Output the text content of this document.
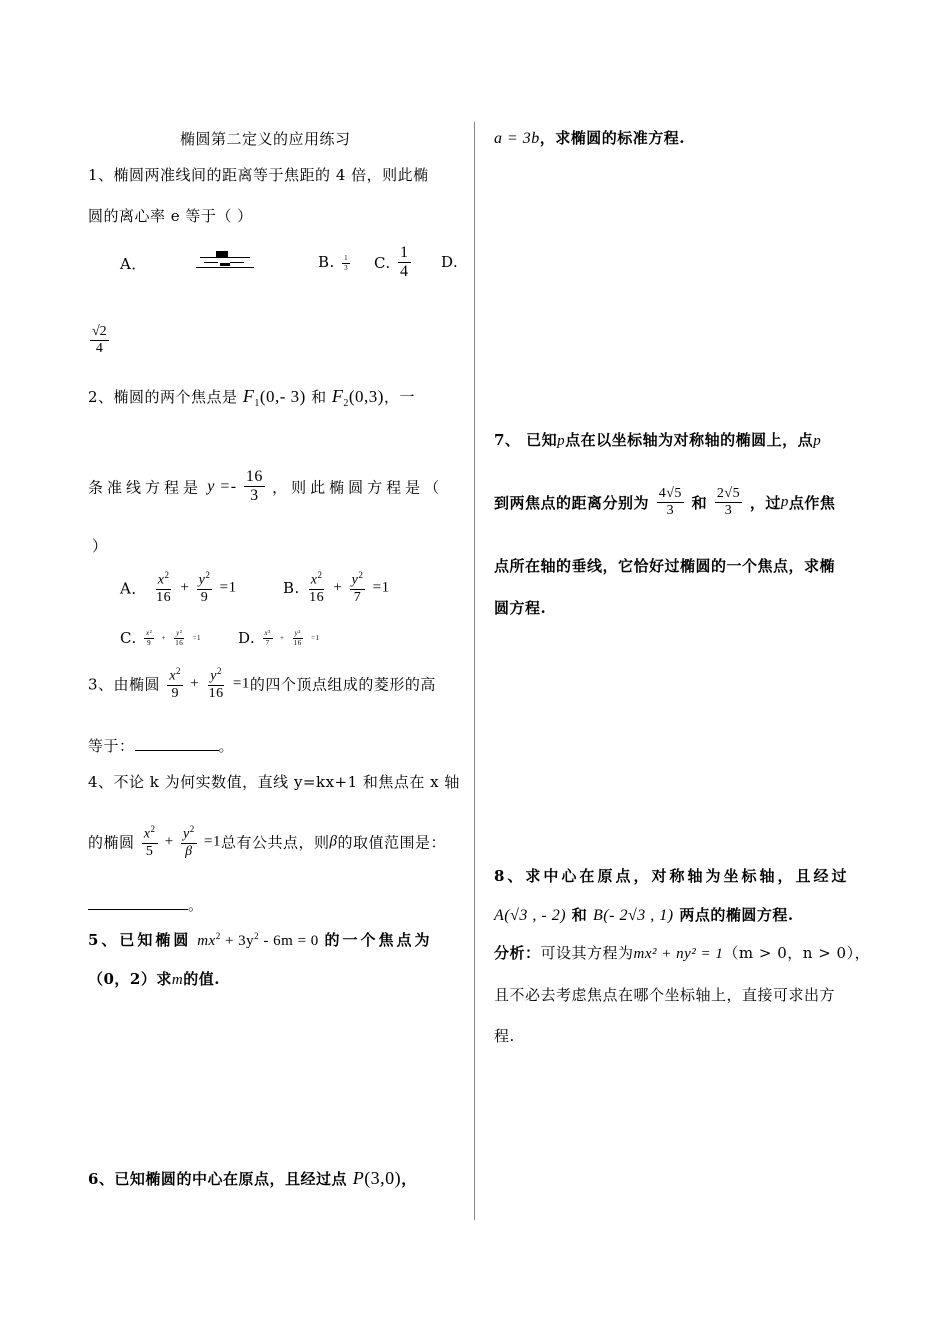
椭圆第二定义的应用练习
1、椭圆两准线间的距离等于焦距的 4 倍，则此椭
圆的离心率 e 等于（ ）
A．	B. $\frac{1}{3} C$. $\frac{1}{4} D$.
$\frac{√2}{4}$
2、椭圆的两个焦点是 $F_1(0,-$ 3) 和 $F_2(0,3)$，一
条准线方程是 $y =- \frac{16}{3}$ ，则此椭圆方程是（
）
A． $\frac{x^2}{16} + \frac{y^2}{9} =1$	B. $\frac{x^2}{16} + \frac{y^2}{7} =1$
C. $\frac{\text{x²}}{9} + \frac{\text{y²}}{16} =1$ D. $\frac{\text{x²}}{7} + \frac{\text{y²}}{16} =1$
3、由椭圆 $\frac{x^2}{9} + \frac{y^2}{16} =1$的四个顶点组成的菱形的高
等于：	。
4、不论 k 为何实数值，直线 y=kx+1 和焦点在 x 轴
的椭圆 $\frac{x^2}{5} + \frac{y^2}{\beta} =1$总有公共点，则β的取值范围是：
。
5、已知椭圆 $mx^2 + 3y^2 - 6m = 0$ 的一个焦点为
（0，2）求m的值.
6、已知椭圆的中心在原点，且经过点 P(3,0)，
a = 3b，求椭圆的标准方程.
7、 已知p点在以坐标轴为对称轴的椭圆上，点p
到两焦点的距离分别为 $\frac{4√5}{3}$ 和 $\frac{2√5}{3}$ ，过p点作焦
点所在轴的垂线，它恰好过椭圆的一个焦点，求椭
圆方程.
8、求中心在原点，对称轴为坐标轴，且经过
A(√3 , - 2) 和 B(- 2√3 , 1) 两点的椭圆方程.
分析：可设其方程为mx² + ny² = 1（m > 0，n > 0），
且不必去考虑焦点在哪个坐标轴上，直接可求出方
程.
